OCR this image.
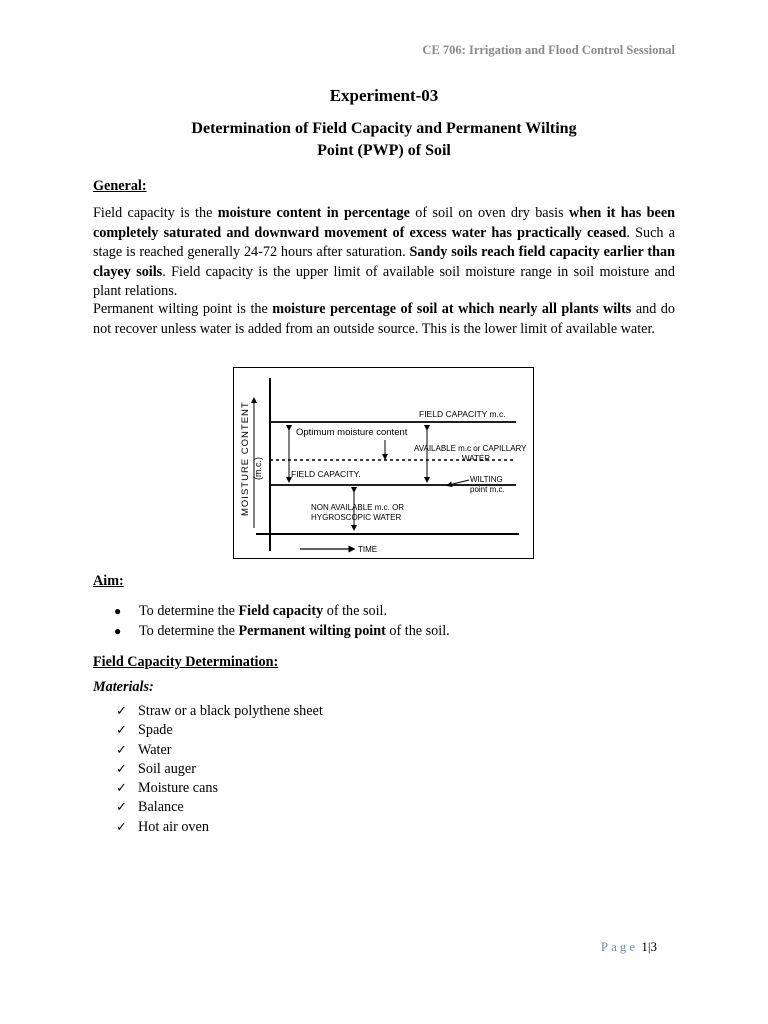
CE 706: Irrigation and Flood Control Sessional
Experiment-03
Determination of Field Capacity and Permanent Wilting
Point (PWP) of Soil
General:
Field capacity is the moisture content in percentage of soil on oven dry basis when it has been completely saturated and downward movement of excess water has practically ceased. Such a stage is reached generally 24-72 hours after saturation. Sandy soils reach field capacity earlier than clayey soils. Field capacity is the upper limit of available soil moisture range in soil moisture and plant relations.
Permanent wilting point is the moisture percentage of soil at which nearly all plants wilts and do not recover unless water is added from an outside source. This is the lower limit of available water.
MOISTURE CONTENT (m.c.)
FIELD CAPACITY m.c.
Optimum moisture content
AVAILABLE m.c or CAPILLARY
WATER
FIELD CAPACITY.
WILTING
point m.c.
NON AVAILABLE m.c. OR
HYGROSCOPIC WATER
TIME
Aim:
● To determine the Field capacity of the soil.
● To determine the Permanent wilting point of the soil.
Field Capacity Determination:
Materials:
✓ Straw or a black polythene sheet
✓ Spade
✓ Water
✓ Soil auger
✓ Moisture cans
✓ Balance
✓ Hot air oven
Page 1|3
